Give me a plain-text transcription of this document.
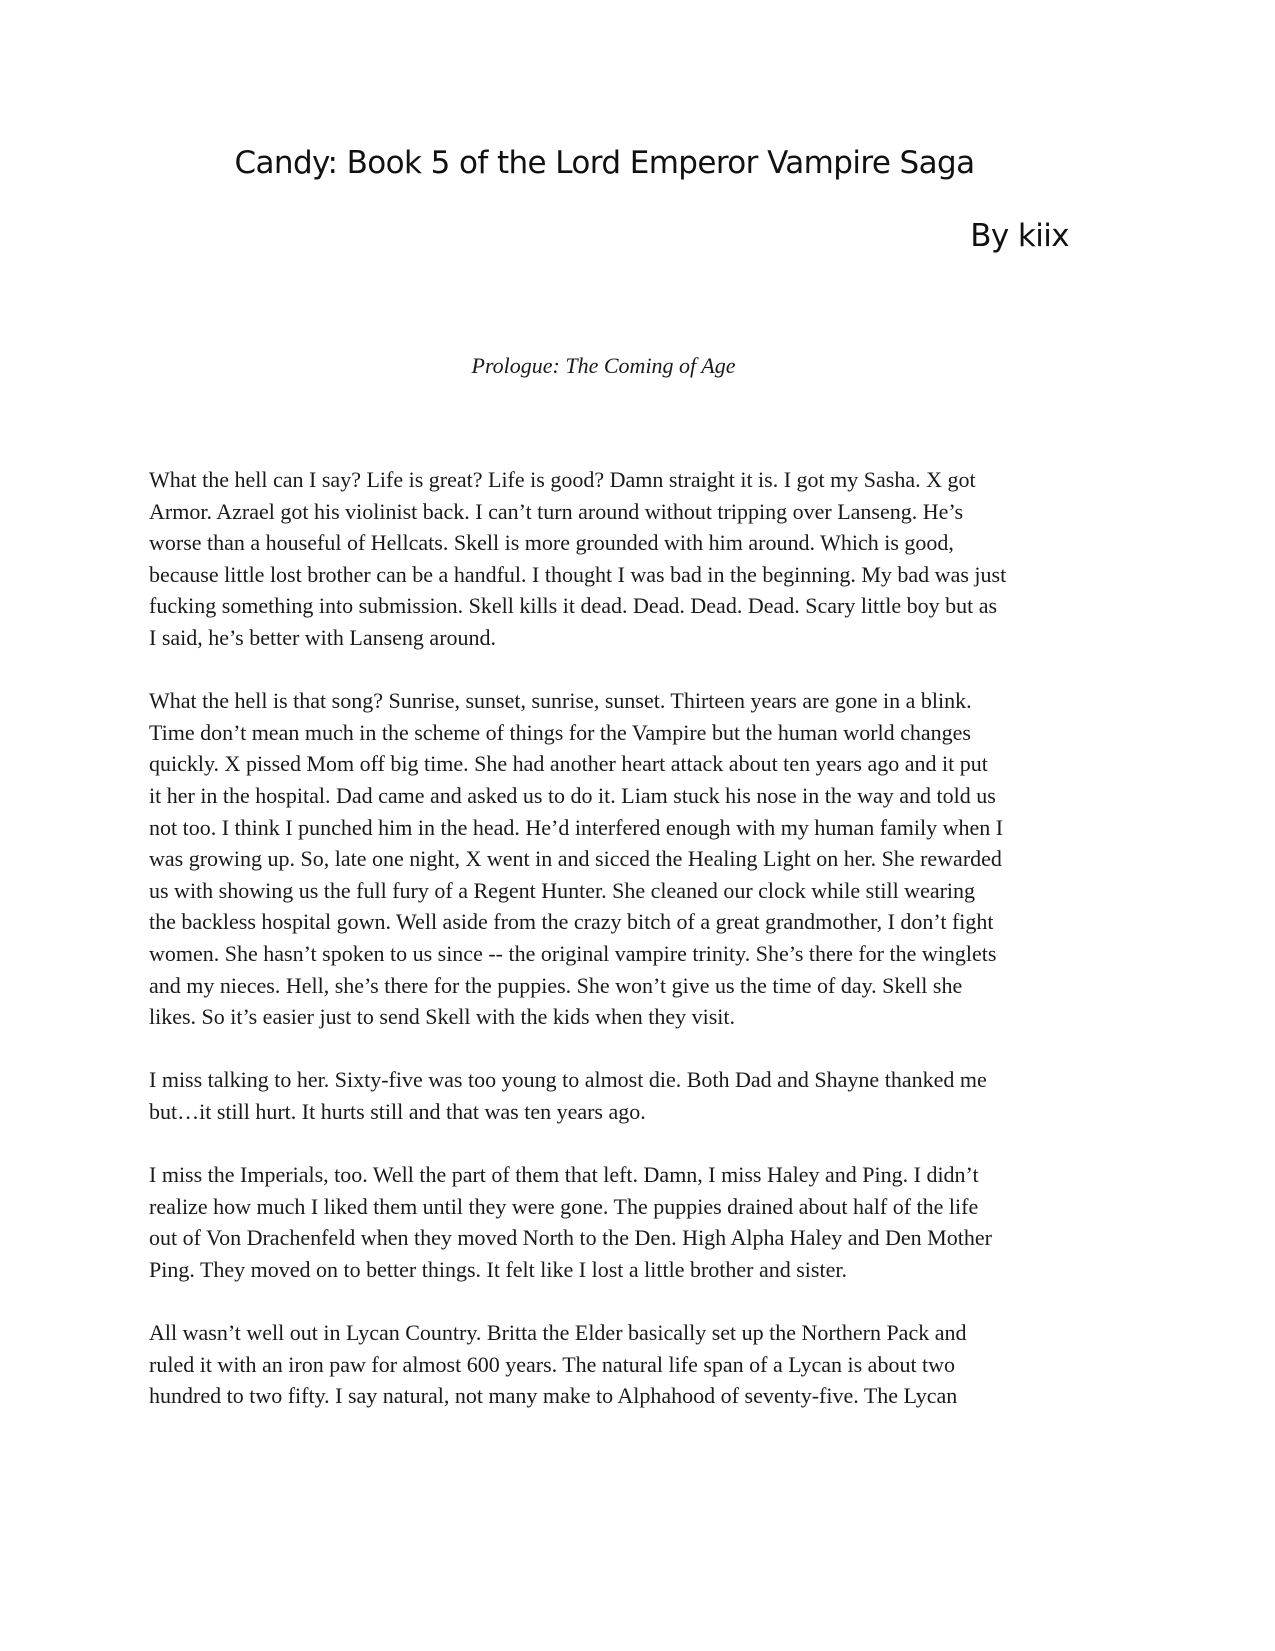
Candy: Book 5 of the Lord Emperor Vampire Saga
By kiix
Prologue: The Coming of Age
What the hell can I say? Life is great? Life is good? Damn straight it is. I got my Sasha. X got
Armor. Azrael got his violinist back. I can’t turn around without tripping over Lanseng. He’s
worse than a houseful of Hellcats. Skell is more grounded with him around. Which is good,
because little lost brother can be a handful. I thought I was bad in the beginning. My bad was just
fucking something into submission. Skell kills it dead. Dead. Dead. Dead. Scary little boy but as
I said, he’s better with Lanseng around.
What the hell is that song? Sunrise, sunset, sunrise, sunset. Thirteen years are gone in a blink.
Time don’t mean much in the scheme of things for the Vampire but the human world changes
quickly. X pissed Mom off big time. She had another heart attack about ten years ago and it put
it her in the hospital. Dad came and asked us to do it. Liam stuck his nose in the way and told us
not too. I think I punched him in the head. He’d interfered enough with my human family when I
was growing up. So, late one night, X went in and sicced the Healing Light on her. She rewarded
us with showing us the full fury of a Regent Hunter. She cleaned our clock while still wearing
the backless hospital gown. Well aside from the crazy bitch of a great grandmother, I don’t fight
women. She hasn’t spoken to us since -- the original vampire trinity. She’s there for the winglets
and my nieces. Hell, she’s there for the puppies. She won’t give us the time of day. Skell she
likes. So it’s easier just to send Skell with the kids when they visit.
I miss talking to her. Sixty-five was too young to almost die. Both Dad and Shayne thanked me
but…it still hurt. It hurts still and that was ten years ago.
I miss the Imperials, too. Well the part of them that left. Damn, I miss Haley and Ping. I didn’t
realize how much I liked them until they were gone. The puppies drained about half of the life
out of Von Drachenfeld when they moved North to the Den. High Alpha Haley and Den Mother
Ping. They moved on to better things. It felt like I lost a little brother and sister.
All wasn’t well out in Lycan Country. Britta the Elder basically set up the Northern Pack and
ruled it with an iron paw for almost 600 years. The natural life span of a Lycan is about two
hundred to two fifty. I say natural, not many make to Alphahood of seventy-five. The Lycan
